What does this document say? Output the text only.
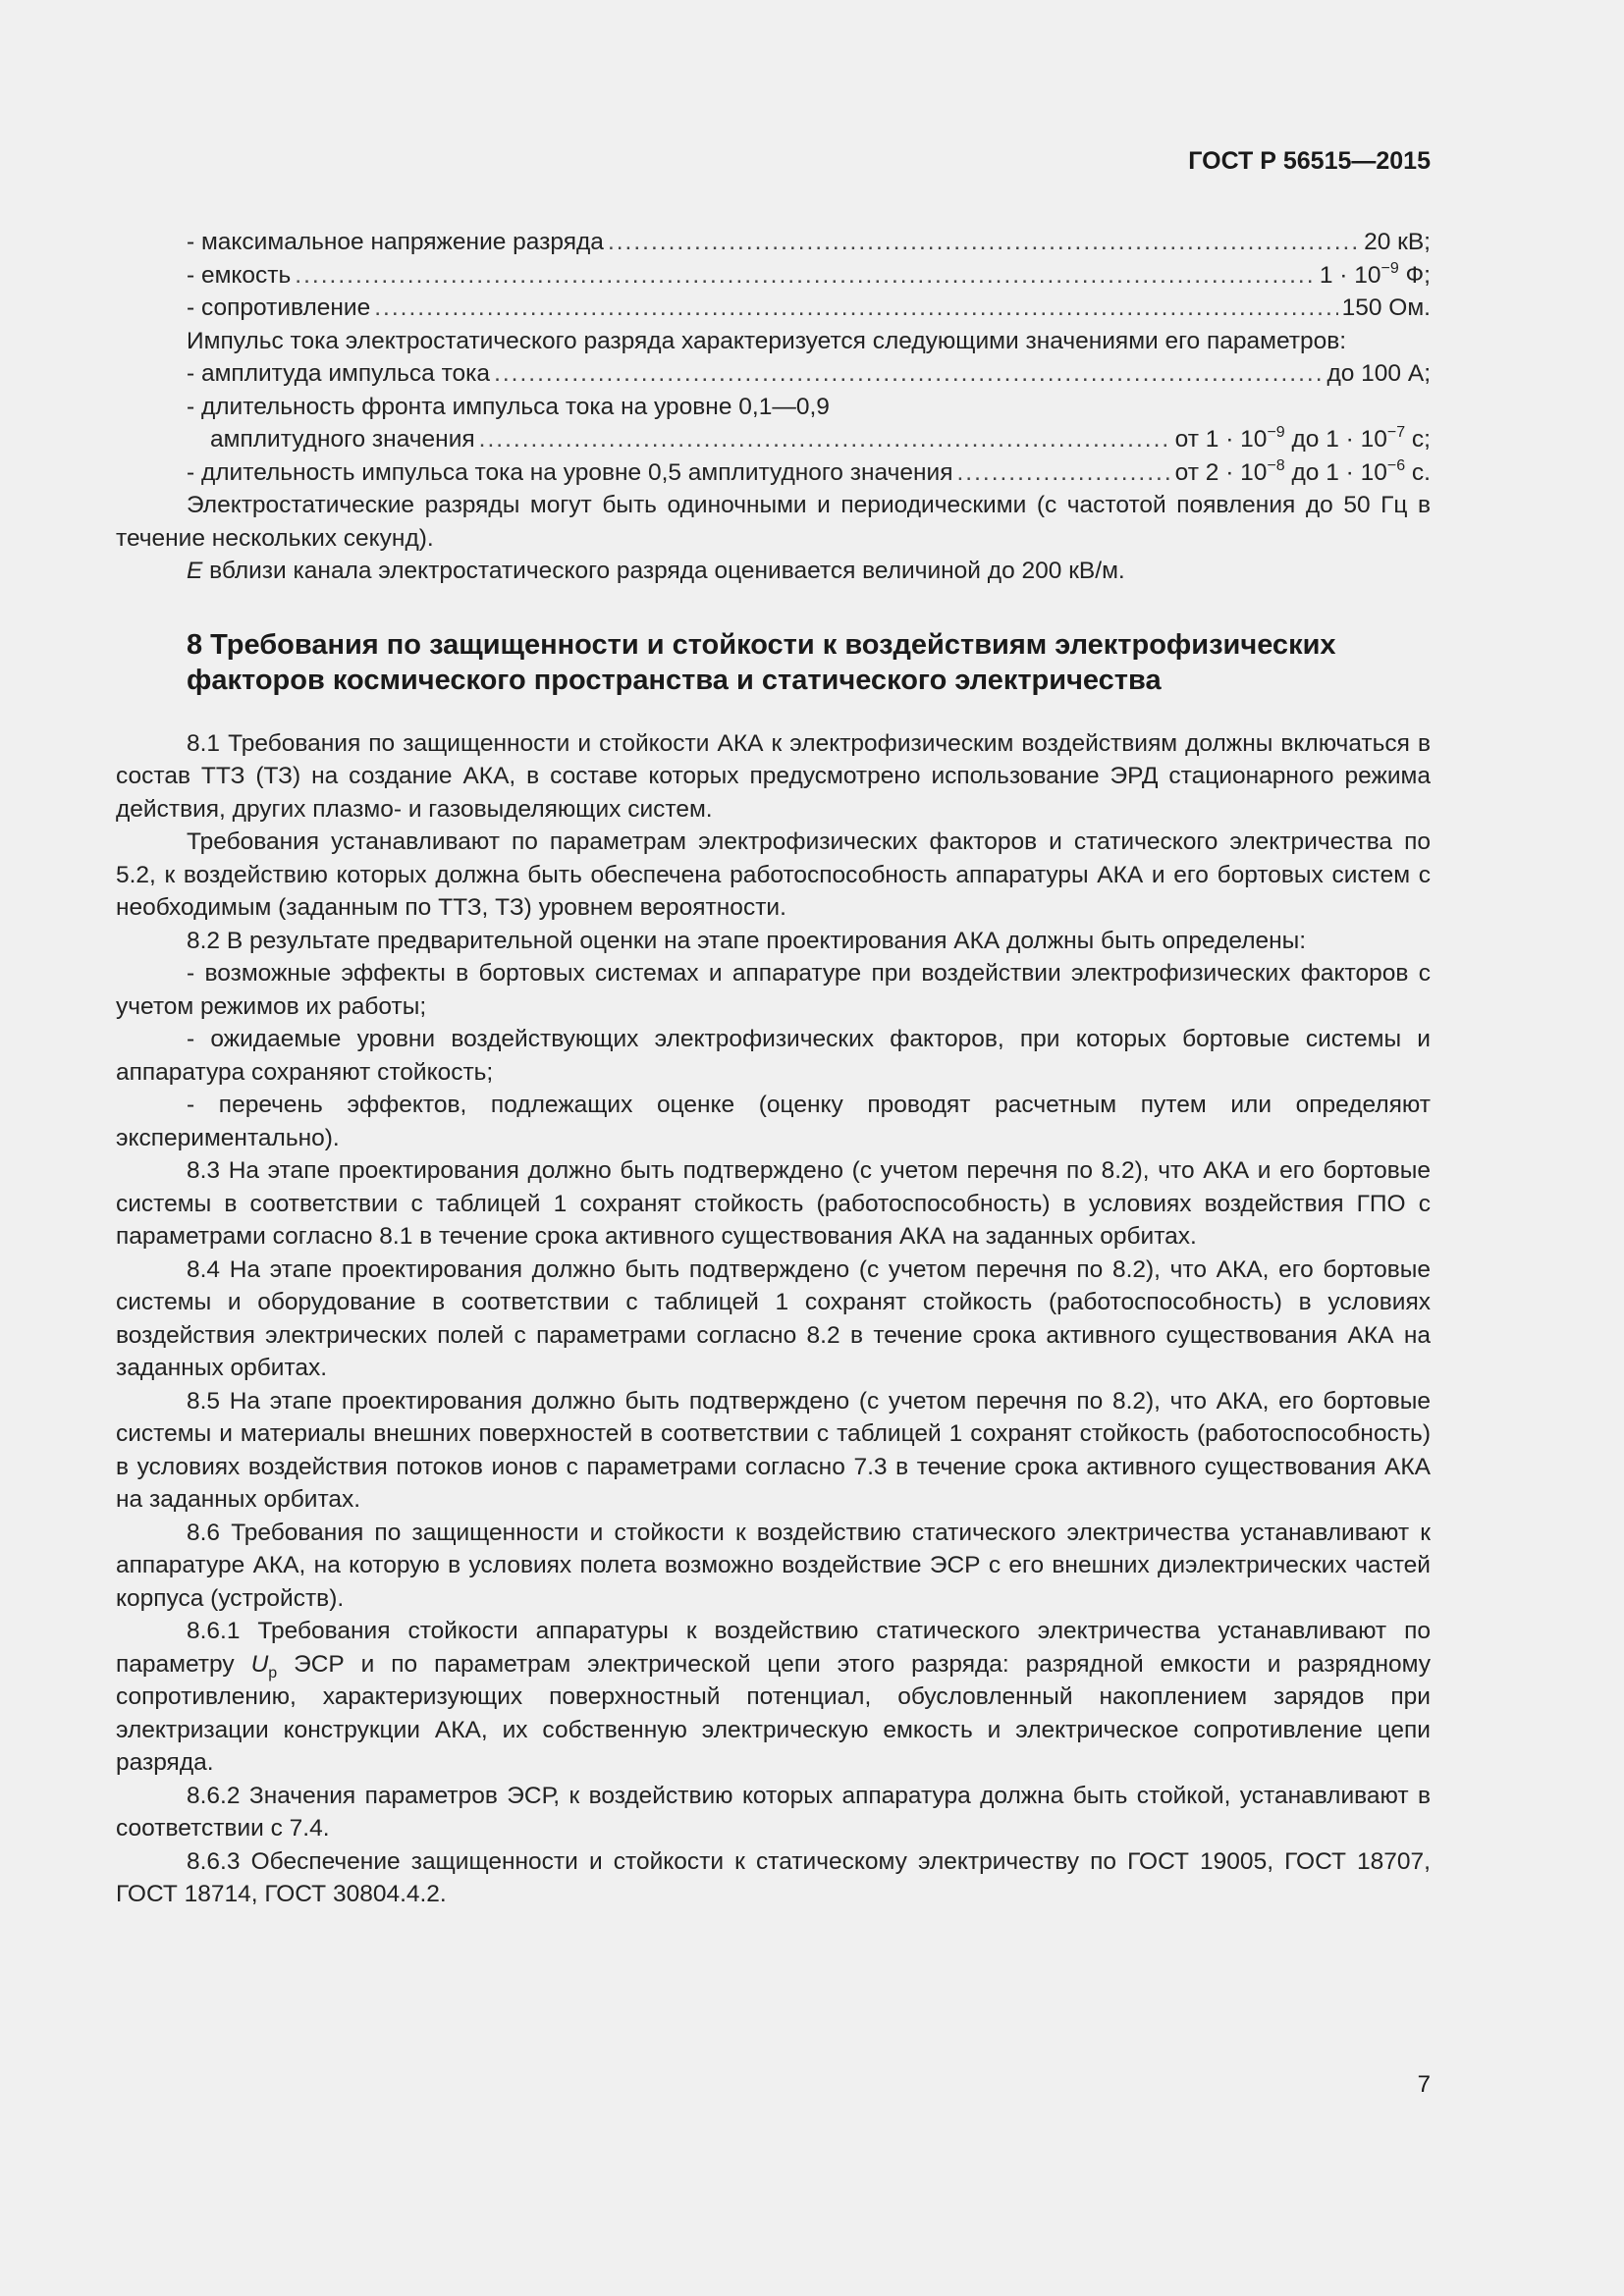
ГОСТ Р 56515—2015
- максимальное напряжение разряда .....	20 кВ;
- емкость .....	$1 \cdot 10^{-9}$ Ф;
- сопротивление .....	150 Ом.

Импульс тока электростатического разряда характеризуется следующими значениями его параметров:

- амплитуда импульса тока .....	до 100 А;
- длительность фронта импульса тока на уровне 0,1—0,9
амплитудного значения .....	от $1 \cdot 10^{-9}$ до $1 \cdot 10^{-7}$ с;
- длительность импульса тока на уровне 0,5 амплитудного значения .....	от $2 \cdot 10^{-8}$ до $1 \cdot 10^{-6}$ с.

Электростатические разряды могут быть одиночными и периодическими (с частотой появления до 50 Гц в течение нескольких секунд).

E вблизи канала электростатического разряда оценивается величиной до 200 кВ/м.

8 Требования по защищенности и стойкости к воздействиям электрофизических факторов космического пространства и статического электричества

8.1 Требования по защищенности и стойкости АКА к электрофизическим воздействиям должны включаться в состав ТТЗ (ТЗ) на создание АКА, в составе которых предусмотрено использование ЭРД стационарного режима действия, других плазмо- и газовыделяющих систем.

Требования устанавливают по параметрам электрофизических факторов и статического электричества по 5.2, к воздействию которых должна быть обеспечена работоспособность аппаратуры АКА и его бортовых систем с необходимым (заданным по ТТЗ, ТЗ) уровнем вероятности.

8.2 В результате предварительной оценки на этапе проектирования АКА должны быть определены:

- возможные эффекты в бортовых системах и аппаратуре при воздействии электрофизических факторов с учетом режимов их работы;

- ожидаемые уровни воздействующих электрофизических факторов, при которых бортовые системы и аппаратура сохраняют стойкость;

- перечень эффектов, подлежащих оценке (оценку проводят расчетным путем или определяют экспериментально).

8.3 На этапе проектирования должно быть подтверждено (с учетом перечня по 8.2), что АКА и его бортовые системы в соответствии с таблицей 1 сохранят стойкость (работоспособность) в условиях воздействия ГПО с параметрами согласно 8.1 в течение срока активного существования АКА на заданных орбитах.

8.4 На этапе проектирования должно быть подтверждено (с учетом перечня по 8.2), что АКА, его бортовые системы и оборудование в соответствии с таблицей 1 сохранят стойкость (работоспособность) в условиях воздействия электрических полей с параметрами согласно 8.2 в течение срока активного существования АКА на заданных орбитах.

8.5 На этапе проектирования должно быть подтверждено (с учетом перечня по 8.2), что АКА, его бортовые системы и материалы внешних поверхностей в соответствии с таблицей 1 сохранят стойкость (работоспособность) в условиях воздействия потоков ионов с параметрами согласно 7.3 в течение срока активного существования АКА на заданных орбитах.

8.6 Требования по защищенности и стойкости к воздействию статического электричества устанавливают к аппаратуре АКА, на которую в условиях полета возможно воздействие ЭСР с его внешних диэлектрических частей корпуса (устройств).

8.6.1 Требования стойкости аппаратуры к воздействию статического электричества устанавливают по параметру $U_р$ ЭСР и по параметрам электрической цепи этого разряда: разрядной емкости и разрядному сопротивлению, характеризующих поверхностный потенциал, обусловленный накоплением зарядов при электризации конструкции АКА, их собственную электрическую емкость и электрическое сопротивление цепи разряда.

8.6.2 Значения параметров ЭСР, к воздействию которых аппаратура должна быть стойкой, устанавливают в соответствии с 7.4.

8.6.3 Обеспечение защищенности и стойкости к статическому электричеству по ГОСТ 19005, ГОСТ 18707, ГОСТ 18714, ГОСТ 30804.4.2.

7
